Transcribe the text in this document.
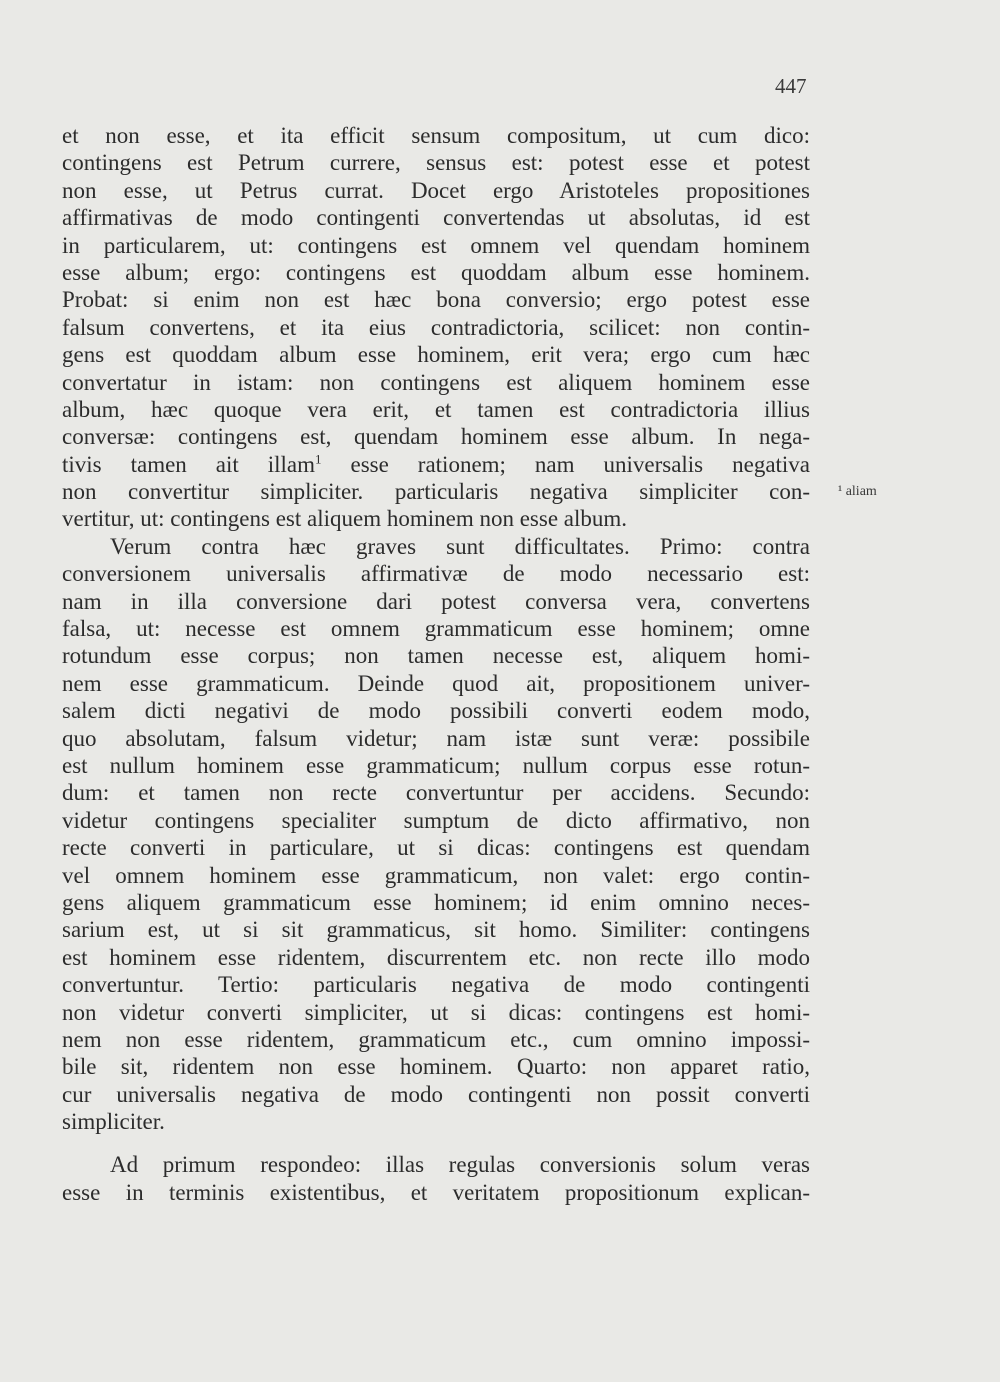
447
et non esse, et ita efficit sensum compositum, ut cum dico:
contingens est Petrum currere, sensus est: potest esse et potest
non esse, ut Petrus currat. Docet ergo Aristoteles propositiones
affirmativas de modo contingenti convertendas ut absolutas, id est
in particularem, ut: contingens est omnem vel quendam hominem
esse album; ergo: contingens est quoddam album esse hominem.
Probat: si enim non est hæc bona conversio; ergo potest esse
falsum convertens, et ita eius contradictoria, scilicet: non contin-
gens est quoddam album esse hominem, erit vera; ergo cum hæc
convertatur in istam: non contingens est aliquem hominem esse
album, hæc quoque vera erit, et tamen est contradictoria illius
conversæ: contingens est, quendam hominem esse album. In nega-
tivis tamen ait illam$^1$ esse rationem; nam universalis negativa
non convertitur simpliciter. particularis negativa simpliciter con-
vertitur, ut: contingens est aliquem hominem non esse album.
Verum contra hæc graves sunt difficultates. Primo: contra
conversionem universalis affirmativæ de modo necessario est:
nam in illa conversione dari potest conversa vera, convertens
falsa, ut: necesse est omnem grammaticum esse hominem; omne
rotundum esse corpus; non tamen necesse est, aliquem homi-
nem esse grammaticum. Deinde quod ait, propositionem univer-
salem dicti negativi de modo possibili converti eodem modo,
quo absolutam, falsum videtur; nam istæ sunt veræ: possibile
est nullum hominem esse grammaticum; nullum corpus esse rotun-
dum: et tamen non recte convertuntur per accidens. Secundo:
videtur contingens specialiter sumptum de dicto affirmativo, non
recte converti in particulare, ut si dicas: contingens est quendam
vel omnem hominem esse grammaticum, non valet: ergo contin-
gens aliquem grammaticum esse hominem; id enim omnino neces-
sarium est, ut si sit grammaticus, sit homo. Similiter: contingens
est hominem esse ridentem, discurrentem etc. non recte illo modo
convertuntur. Tertio: particularis negativa de modo contingenti
non videtur converti simpliciter, ut si dicas: contingens est homi-
nem non esse ridentem, grammaticum etc., cum omnino impossi-
bile sit, ridentem non esse hominem. Quarto: non apparet ratio,
cur universalis negativa de modo contingenti non possit converti
simpliciter.
Ad primum respondeo: illas regulas conversionis solum veras
esse in terminis existentibus, et veritatem propositionum explican-
¹ aliam
